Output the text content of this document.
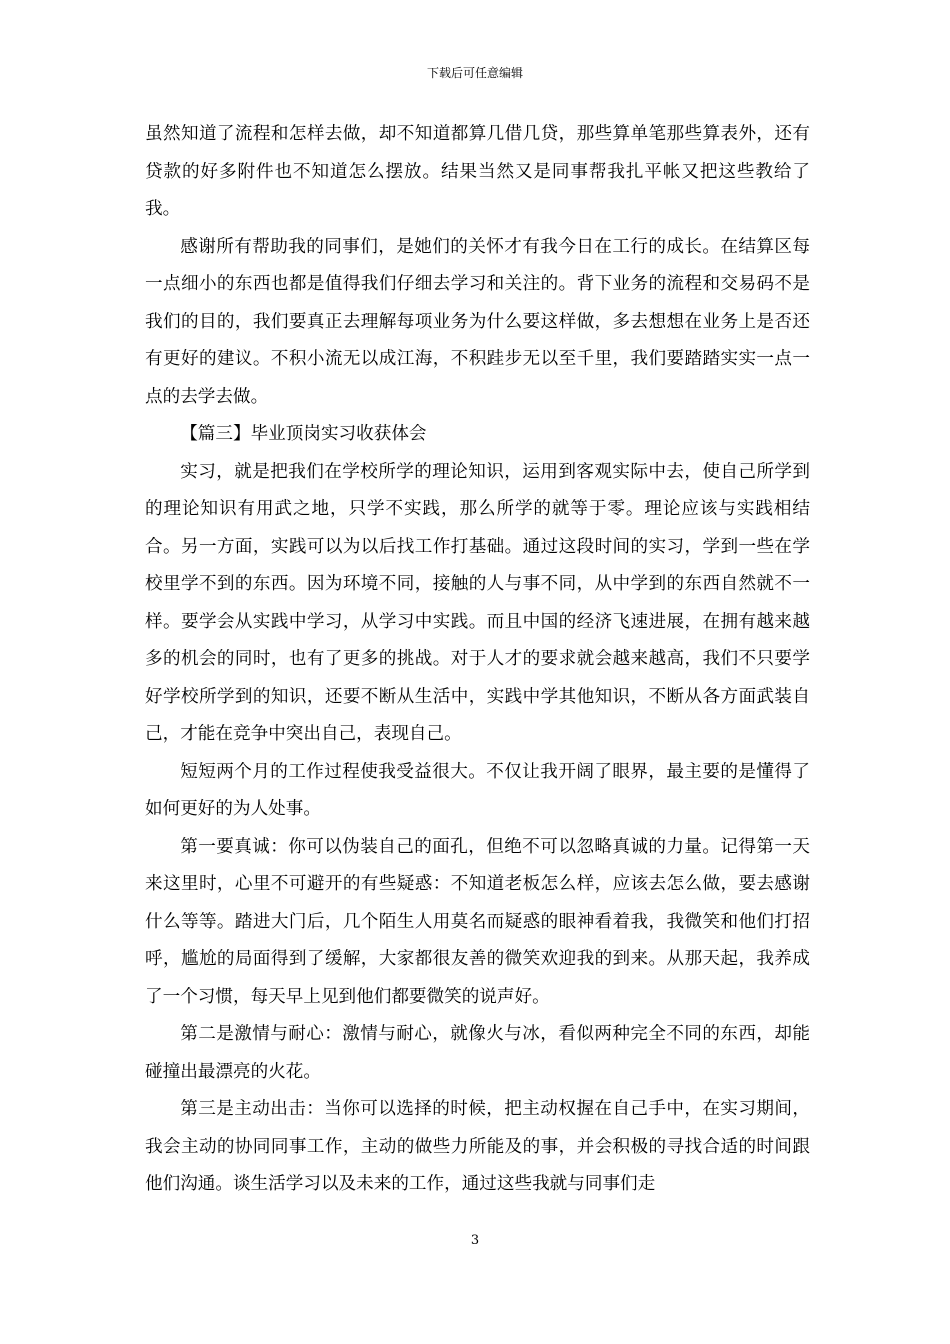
下载后可任意编辑

虽然知道了流程和怎样去做，却不知道都算几借几贷，那些算单笔那些算表外，还有贷款的好多附件也不知道怎么摆放。结果当然又是同事帮我扎平帐又把这些教给了我。

感谢所有帮助我的同事们，是她们的关怀才有我今日在工行的成长。在结算区每一点细小的东西也都是值得我们仔细去学习和关注的。背下业务的流程和交易码不是我们的目的，我们要真正去理解每项业务为什么要这样做，多去想想在业务上是否还有更好的建议。不积小流无以成江海，不积跬步无以至千里，我们要踏踏实实一点一点的去学去做。

【篇三】毕业顶岗实习收获体会

实习，就是把我们在学校所学的理论知识，运用到客观实际中去，使自己所学到的理论知识有用武之地，只学不实践，那么所学的就等于零。理论应该与实践相结合。另一方面，实践可以为以后找工作打基础。通过这段时间的实习，学到一些在学校里学不到的东西。因为环境不同，接触的人与事不同，从中学到的东西自然就不一样。要学会从实践中学习，从学习中实践。而且中国的经济飞速进展，在拥有越来越多的机会的同时，也有了更多的挑战。对于人才的要求就会越来越高，我们不只要学好学校所学到的知识，还要不断从生活中，实践中学其他知识，不断从各方面武装自己，才能在竞争中突出自己，表现自己。

短短两个月的工作过程使我受益很大。不仅让我开阔了眼界，最主要的是懂得了如何更好的为人处事。

第一要真诚：你可以伪装自己的面孔，但绝不可以忽略真诚的力量。记得第一天来这里时，心里不可避开的有些疑惑：不知道老板怎么样，应该去怎么做，要去感谢什么等等。踏进大门后，几个陌生人用莫名而疑惑的眼神看着我，我微笑和他们打招呼，尴尬的局面得到了缓解，大家都很友善的微笑欢迎我的到来。从那天起，我养成了一个习惯，每天早上见到他们都要微笑的说声好。

第二是激情与耐心：激情与耐心，就像火与冰，看似两种完全不同的东西，却能碰撞出最漂亮的火花。

第三是主动出击：当你可以选择的时候，把主动权握在自己手中，在实习期间，我会主动的协同同事工作，主动的做些力所能及的事，并会积极的寻找合适的时间跟他们沟通。谈生活学习以及未来的工作，通过这些我就与同事们走

3
